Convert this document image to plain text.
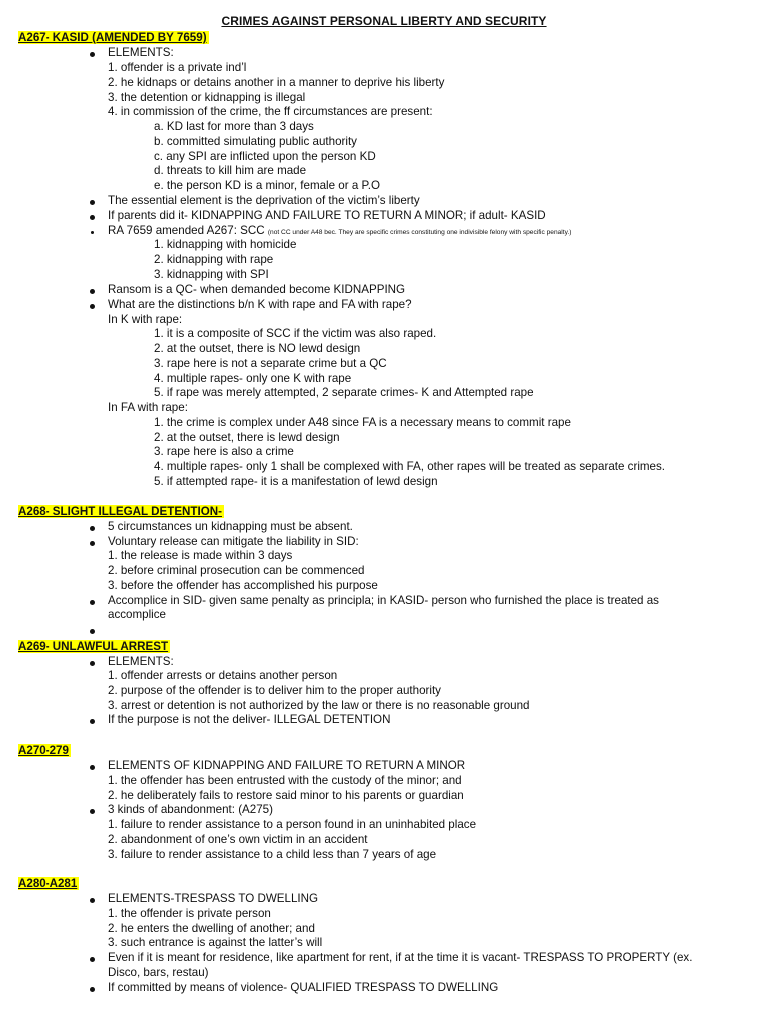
CRIMES AGAINST PERSONAL LIBERTY AND SECURITY
A267- KASID (AMENDED BY 7659)
ELEMENTS:
1. offender is a private ind’l
2. he kidnaps or detains another in a manner to deprive his liberty
3. the detention or kidnapping is illegal
4. in commission of the crime, the ff circumstances are present:
a. KD last for more than 3 days
b. committed simulating public authority
c. any SPI are inflicted upon the person KD
d. threats to kill him are made
e. the person KD is a minor, female or a P.O
The essential element is the deprivation of the victim’s liberty
If parents did it- KIDNAPPING AND FAILURE TO RETURN A MINOR; if adult- KASID
RA 7659 amended A267: SCC (not CC under A48 bec. They are specific crimes constituting one indivisible felony with specific penalty.)
1. kidnapping with homicide
2. kidnapping with rape
3. kidnapping with SPI
Ransom is a QC- when demanded become KIDNAPPING
What are the distinctions b/n K with rape and FA with rape?
In K with rape:
1. it is a composite of SCC if the victim was also raped.
2. at the outset, there is NO lewd design
3. rape here is not a separate crime but a QC
4. multiple rapes- only one K with rape
5. if rape was merely attempted, 2 separate crimes- K and Attempted rape
In FA with rape:
1. the crime is complex under A48 since FA is a necessary means to commit rape
2. at the outset, there is lewd design
3. rape here is also a crime
4. multiple rapes- only 1 shall be complexed with FA, other rapes will be treated as separate crimes.
5. if attempted rape- it is a manifestation of lewd design
A268- SLIGHT ILLEGAL DETENTION-
5 circumstances un kidnapping must be absent.
Voluntary release can mitigate the liability in SID:
1. the release is made within 3 days
2. before criminal prosecution can be commenced
3. before the offender has accomplished his purpose
Accomplice in SID- given same penalty as principla; in KASID- person who furnished the place is treated as
accomplice
A269- UNLAWFUL ARREST
ELEMENTS:
1. offender arrests or detains another person
2. purpose of the offender is to deliver him to the proper authority
3. arrest or detention is not authorized by the law or there is no reasonable ground
If the purpose is not the deliver- ILLEGAL DETENTION
A270-279
ELEMENTS OF KIDNAPPING AND FAILURE TO RETURN A MINOR
1. the offender has been entrusted with the custody of the minor; and
2. he deliberately fails to restore said minor to his parents or guardian
3 kinds of abandonment: (A275)
1. failure to render assistance to a person found in an uninhabited place
2. abandonment of one’s own victim in an accident
3. failure to render assistance to a child less than 7 years of age
A280-A281
ELEMENTS-TRESPASS TO DWELLING
1. the offender is private person
2. he enters the dwelling of another; and
3. such entrance is against the latter’s will
Even if it is meant for residence, like apartment for rent, if at the time it is vacant- TRESPASS TO PROPERTY (ex.
Disco, bars, restau)
If committed by means of violence- QUALIFIED TRESPASS TO DWELLING
